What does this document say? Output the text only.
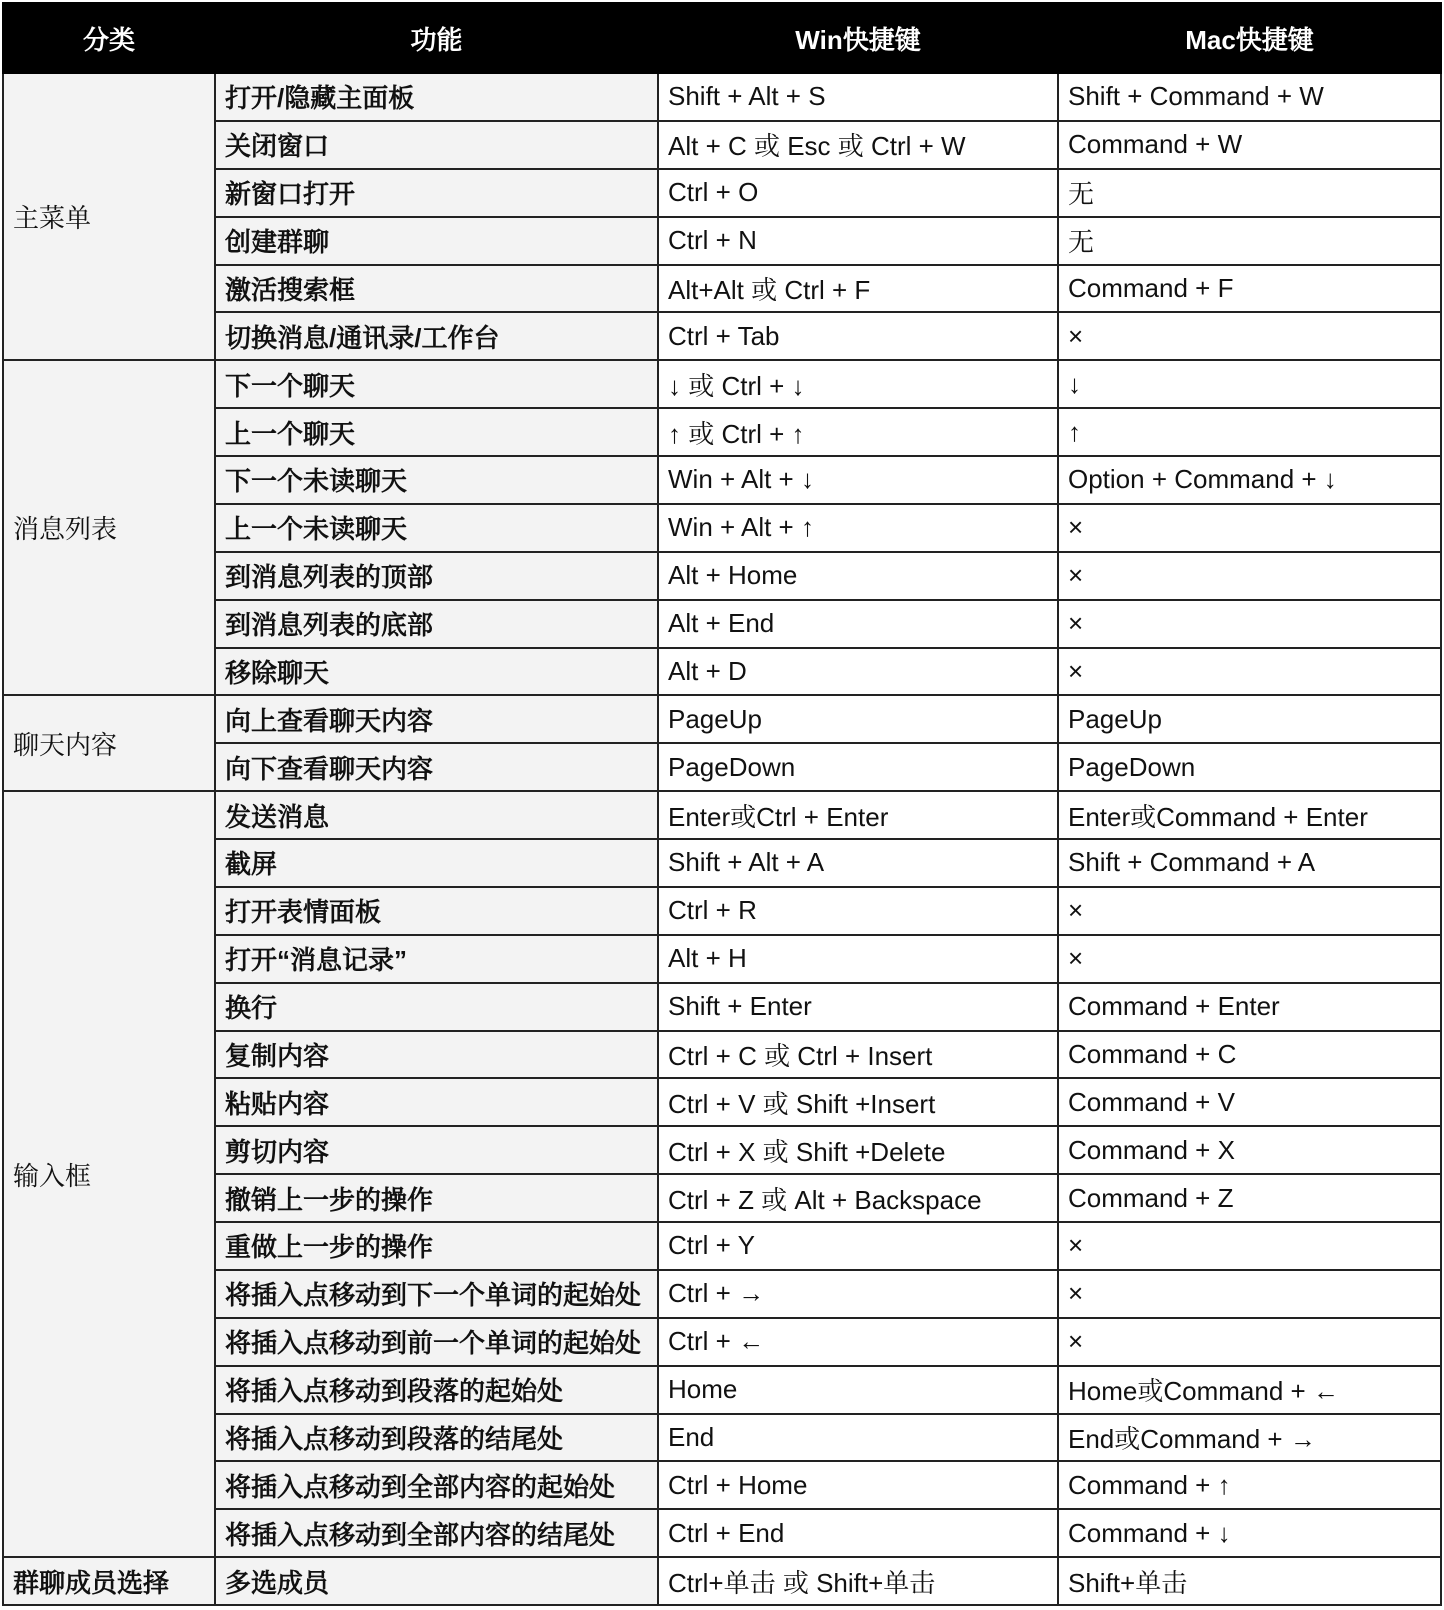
分类	功能	Win快捷键	Mac快捷键
主菜单	打开/隐藏主面板	Shift + Alt + S	Shift + Command + W
	关闭窗口	Alt + C 或 Esc 或 Ctrl + W	Command + W
	新窗口打开	Ctrl + O	无
	创建群聊	Ctrl + N	无
	激活搜索框	Alt+Alt 或 Ctrl + F	Command + F
	切换消息/通讯录/工作台	Ctrl + Tab	×
消息列表	下一个聊天	↓ 或 Ctrl + ↓	↓
	上一个聊天	↑ 或 Ctrl + ↑	↑
	下一个未读聊天	Win + Alt + ↓	Option + Command + ↓
	上一个未读聊天	Win + Alt + ↑	×
	到消息列表的顶部	Alt + Home	×
	到消息列表的底部	Alt + End	×
	移除聊天	Alt + D	×
聊天内容	向上查看聊天内容	PageUp	PageUp
	向下查看聊天内容	PageDown	PageDown
输入框	发送消息	Enter或Ctrl + Enter	Enter或Command + Enter
	截屏	Shift + Alt + A	Shift + Command + A
	打开表情面板	Ctrl + R	×
	打开“消息记录”	Alt + H	×
	换行	Shift + Enter	Command + Enter
	复制内容	Ctrl + C 或 Ctrl + Insert	Command + C
	粘贴内容	Ctrl + V 或 Shift +Insert	Command + V
	剪切内容	Ctrl + X 或 Shift +Delete	Command + X
	撤销上一步的操作	Ctrl + Z 或 Alt + Backspace	Command + Z
	重做上一步的操作	Ctrl + Y	×
	将插入点移动到下一个单词的起始处	Ctrl + →	×
	将插入点移动到前一个单词的起始处	Ctrl + ←	×
	将插入点移动到段落的起始处	Home	Home或Command + ←
	将插入点移动到段落的结尾处	End	End或Command + →
	将插入点移动到全部内容的起始处	Ctrl + Home	Command + ↑
	将插入点移动到全部内容的结尾处	Ctrl + End	Command + ↓
群聊成员选择	多选成员	Ctrl+单击 或 Shift+单击	Shift+单击
